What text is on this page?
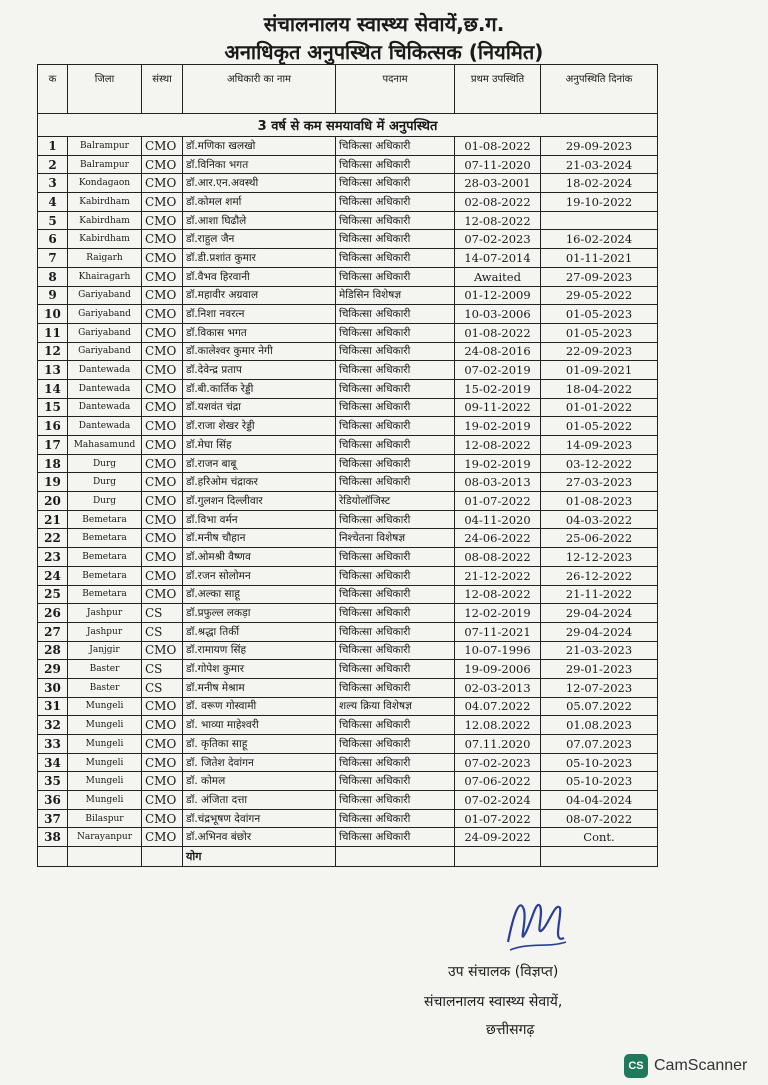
संचालनालय स्वास्थ्य सेवायें,छ.ग.
अनाधिकृत अनुपस्थित चिकित्सक (नियमित)
क	जिला	संस्था	अधिकारी का नाम	पदनाम	प्रथम उपस्थिति	अनुपस्थिति दिनांक
3 वर्ष से कम समयावधि में अनुपस्थित						
1	Balrampur	CMO	डॉ.मणिका खलखो	चिकित्सा अधिकारी	01-08-2022	29-09-2023
2	Balrampur	CMO	डॉ.विनिका भगत	चिकित्सा अधिकारी	07-11-2020	21-03-2024
3	Kondagaon	CMO	डॉ.आर.एन.अवस्थी	चिकित्सा अधिकारी	28-03-2001	18-02-2024
4	Kabirdham	CMO	डॉ.कोमल शर्मा	चिकित्सा अधिकारी	02-08-2022	19-10-2022
5	Kabirdham	CMO	डॉ.आशा घिढौले	चिकित्सा अधिकारी	12-08-2022	
6	Kabirdham	CMO	डॉ.राहुल जैन	चिकित्सा अधिकारी	07-02-2023	16-02-2024
7	Raigarh	CMO	डॉ.डी.प्रशांत कुमार	चिकित्सा अधिकारी	14-07-2014	01-11-2021
8	Khairagarh	CMO	डॉ.वैभव हिरवानी	चिकित्सा अधिकारी	Awaited	27-09-2023
9	Gariyaband	CMO	डॉ.महावीर अग्रवाल	मेडिसिन विशेषज्ञ	01-12-2009	29-05-2022
10	Gariyaband	CMO	डॉ.निशा नवरत्न	चिकित्सा अधिकारी	10-03-2006	01-05-2023
11	Gariyaband	CMO	डॉ.विकास भगत	चिकित्सा अधिकारी	01-08-2022	01-05-2023
12	Gariyaband	CMO	डॉ.कालेश्वर कुमार नेगी	चिकित्सा अधिकारी	24-08-2016	22-09-2023
13	Dantewada	CMO	डॉ.देवेन्द्र प्रताप	चिकित्सा अधिकारी	07-02-2019	01-09-2021
14	Dantewada	CMO	डॉ.बी.कार्तिक रेड्डी	चिकित्सा अधिकारी	15-02-2019	18-04-2022
15	Dantewada	CMO	डॉ.यशवंत चंद्रा	चिकित्सा अधिकारी	09-11-2022	01-01-2022
16	Dantewada	CMO	डॉ.राजा शेखर रेड्डी	चिकित्सा अधिकारी	19-02-2019	01-05-2022
17	Mahasamund	CMO	डॉ.मेघा सिंह	चिकित्सा अधिकारी	12-08-2022	14-09-2023
18	Durg	CMO	डॉ.राजन बाबू	चिकित्सा अधिकारी	19-02-2019	03-12-2022
19	Durg	CMO	डॉ.हरिओम चंद्राकर	चिकित्सा अधिकारी	08-03-2013	27-03-2023
20	Durg	CMO	डॉ.गुलशन दिल्लीवार	रेडियोलॉजिस्ट	01-07-2022	01-08-2023
21	Bemetara	CMO	डॉ.विभा वर्मन	चिकित्सा अधिकारी	04-11-2020	04-03-2022
22	Bemetara	CMO	डॉ.मनीष चौहान	निश्चेतना विशेषज्ञ	24-06-2022	25-06-2022
23	Bemetara	CMO	डॉ.ओमश्री वैष्णव	चिकित्सा अधिकारी	08-08-2022	12-12-2023
24	Bemetara	CMO	डॉ.रजन सोलोमन	चिकित्सा अधिकारी	21-12-2022	26-12-2022
25	Bemetara	CMO	डॉ.अल्का साहू	चिकित्सा अधिकारी	12-08-2022	21-11-2022
26	Jashpur	CS	डॉ.प्रफुल्ल लकड़ा	चिकित्सा अधिकारी	12-02-2019	29-04-2024
27	Jashpur	CS	डॉ.श्रद्धा तिर्की	चिकित्सा अधिकारी	07-11-2021	29-04-2024
28	Janjgir	CMO	डॉ.रामायण सिंह	चिकित्सा अधिकारी	10-07-1996	21-03-2023
29	Baster	CS	डॉ.गोपेश कुमार	चिकित्सा अधिकारी	19-09-2006	29-01-2023
30	Baster	CS	डॉ.मनीष मेश्राम	चिकित्सा अधिकारी	02-03-2013	12-07-2023
31	Mungeli	CMO	डॉ. वरूण गोस्वामी	शल्य क्रिया विशेषज्ञ	04.07.2022	05.07.2022
32	Mungeli	CMO	डॉ. भाव्या माहेश्वरी	चिकित्सा अधिकारी	12.08.2022	01.08.2023
33	Mungeli	CMO	डॉ. कृतिका साहू	चिकित्सा अधिकारी	07.11.2020	07.07.2023
34	Mungeli	CMO	डॉ. जितेश देवांगन	चिकित्सा अधिकारी	07-02-2023	05-10-2023
35	Mungeli	CMO	डॉ. कोमल	चिकित्सा अधिकारी	07-06-2022	05-10-2023
36	Mungeli	CMO	डॉ. अंजिता दत्ता	चिकित्सा अधिकारी	07-02-2024	04-04-2024
37	Bilaspur	CMO	डॉ.चंद्रभूषण देवांगन	चिकित्सा अधिकारी	01-07-2022	08-07-2022
38	Narayanpur	CMO	डॉ.अभिनव बंछोर	चिकित्सा अधिकारी	24-09-2022	Cont.
			योग			
उप संचालक (विज्ञप्त)
संचालनालय स्वास्थ्य सेवायें,
छत्तीसगढ़
CS CamScanner
